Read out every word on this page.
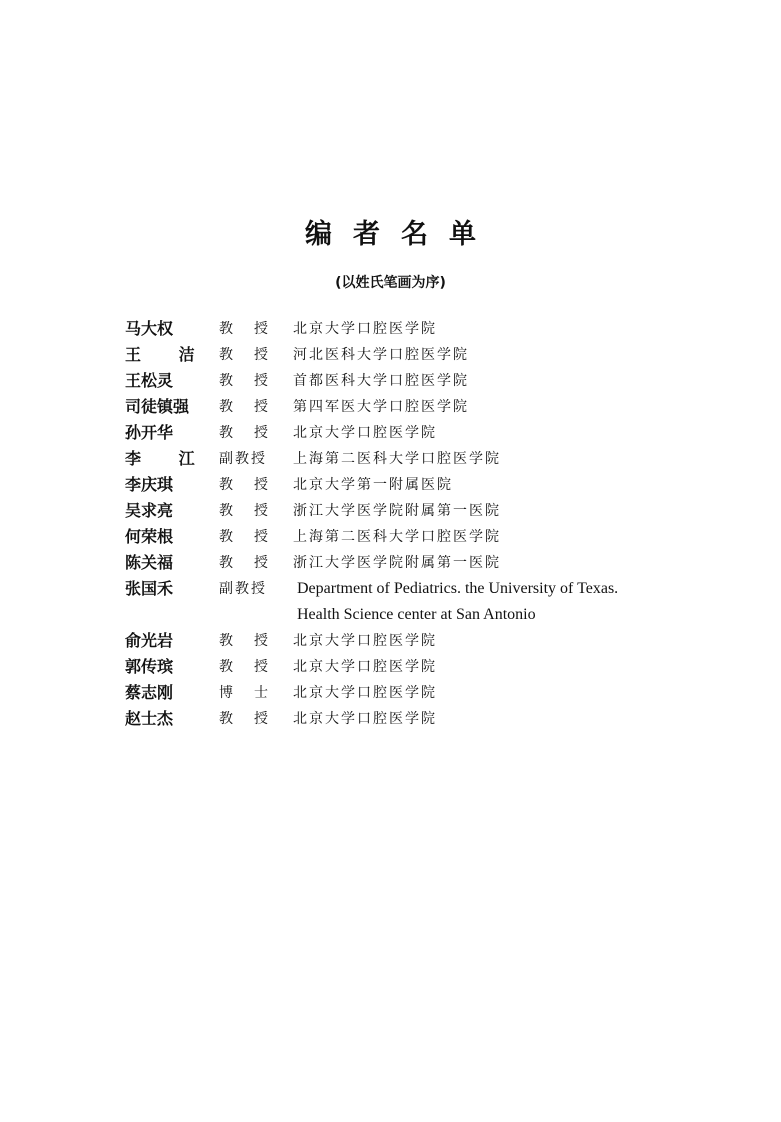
编者名单
(以姓氏笔画为序)
马大权	教授 北京大学口腔医学院
王 洁 教授 河北医科大学口腔医学院
王松灵	教授 首都医科大学口腔医学院
司徒镇强	教授 第四军医大学口腔医学院
孙开华	教授 北京大学口腔医学院
李 江 副教授	上海第二医科大学口腔医学院
李庆琪	教授 北京大学第一附属医院
吴求亮	教授 浙江大学医学院附属第一医院
何荣根	教授 上海第二医科大学口腔医学院
陈关福	教授 浙江大学医学院附属第一医院
张国禾	副教授	Department of Pediatrics. the University of Texas.
Health Science center at San Antonio
俞光岩	教授 北京大学口腔医学院
郭传瑸	教授 北京大学口腔医学院
蔡志刚	博士 北京大学口腔医学院
赵士杰	教授 北京大学口腔医学院
